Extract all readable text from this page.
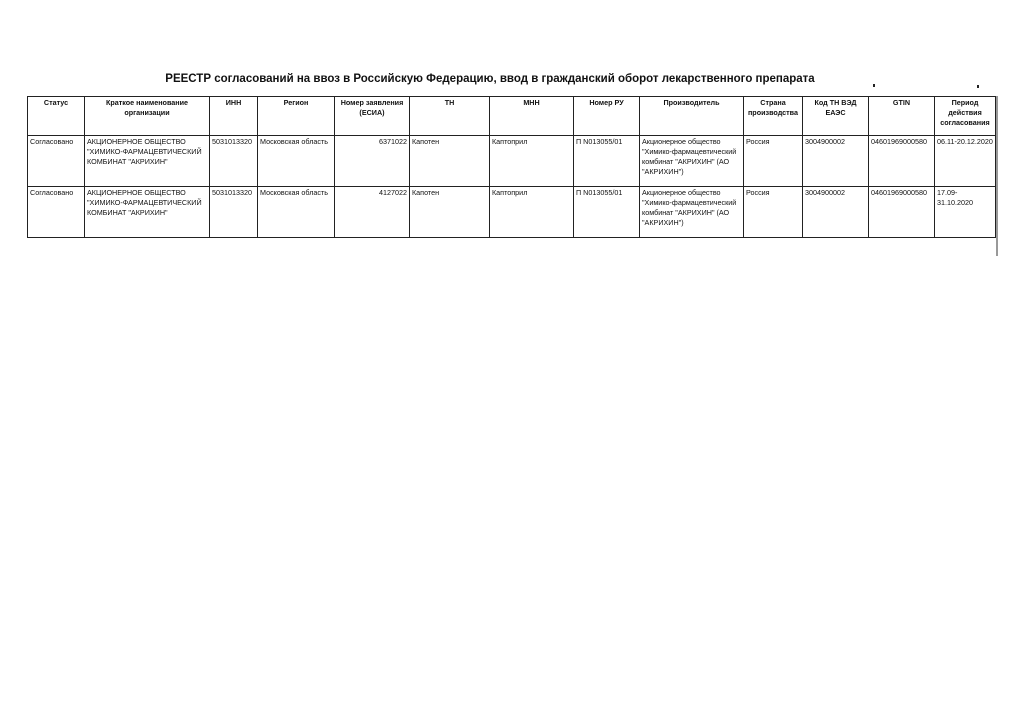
РЕЕСТР согласований на ввоз в Российскую Федерацию, ввод в гражданский оборот лекарственного препарата
Статус	Краткое наименование организации	ИНН	Регион	Номер заявления (ЕСИА)	ТН	МНН	Номер РУ	Производитель	Страна производства	Код ТН ВЭД ЕАЭС	GTIN	Период действия согласования
Согласовано	АКЦИОНЕРНОЕ ОБЩЕСТВО "ХИМИКО-ФАРМАЦЕВТИЧЕСКИЙ КОМБИНАТ "АКРИХИН"	5031013320	Московская область	6371022	Капотен	Каптоприл	П N013055/01	Акционерное общество "Химико-фармацевтический комбинат "АКРИХИН" (АО "АКРИХИН")	Россия	3004900002	04601969000580	06.11-20.12.2020
Согласовано	АКЦИОНЕРНОЕ ОБЩЕСТВО "ХИМИКО-ФАРМАЦЕВТИЧЕСКИЙ КОМБИНАТ "АКРИХИН"	5031013320	Московская область	4127022	Капотен	Каптоприл	П N013055/01	Акционерное общество "Химико-фармацевтический комбинат "АКРИХИН" (АО "АКРИХИН")	Россия	3004900002	04601969000580	17.09-31.10.2020
